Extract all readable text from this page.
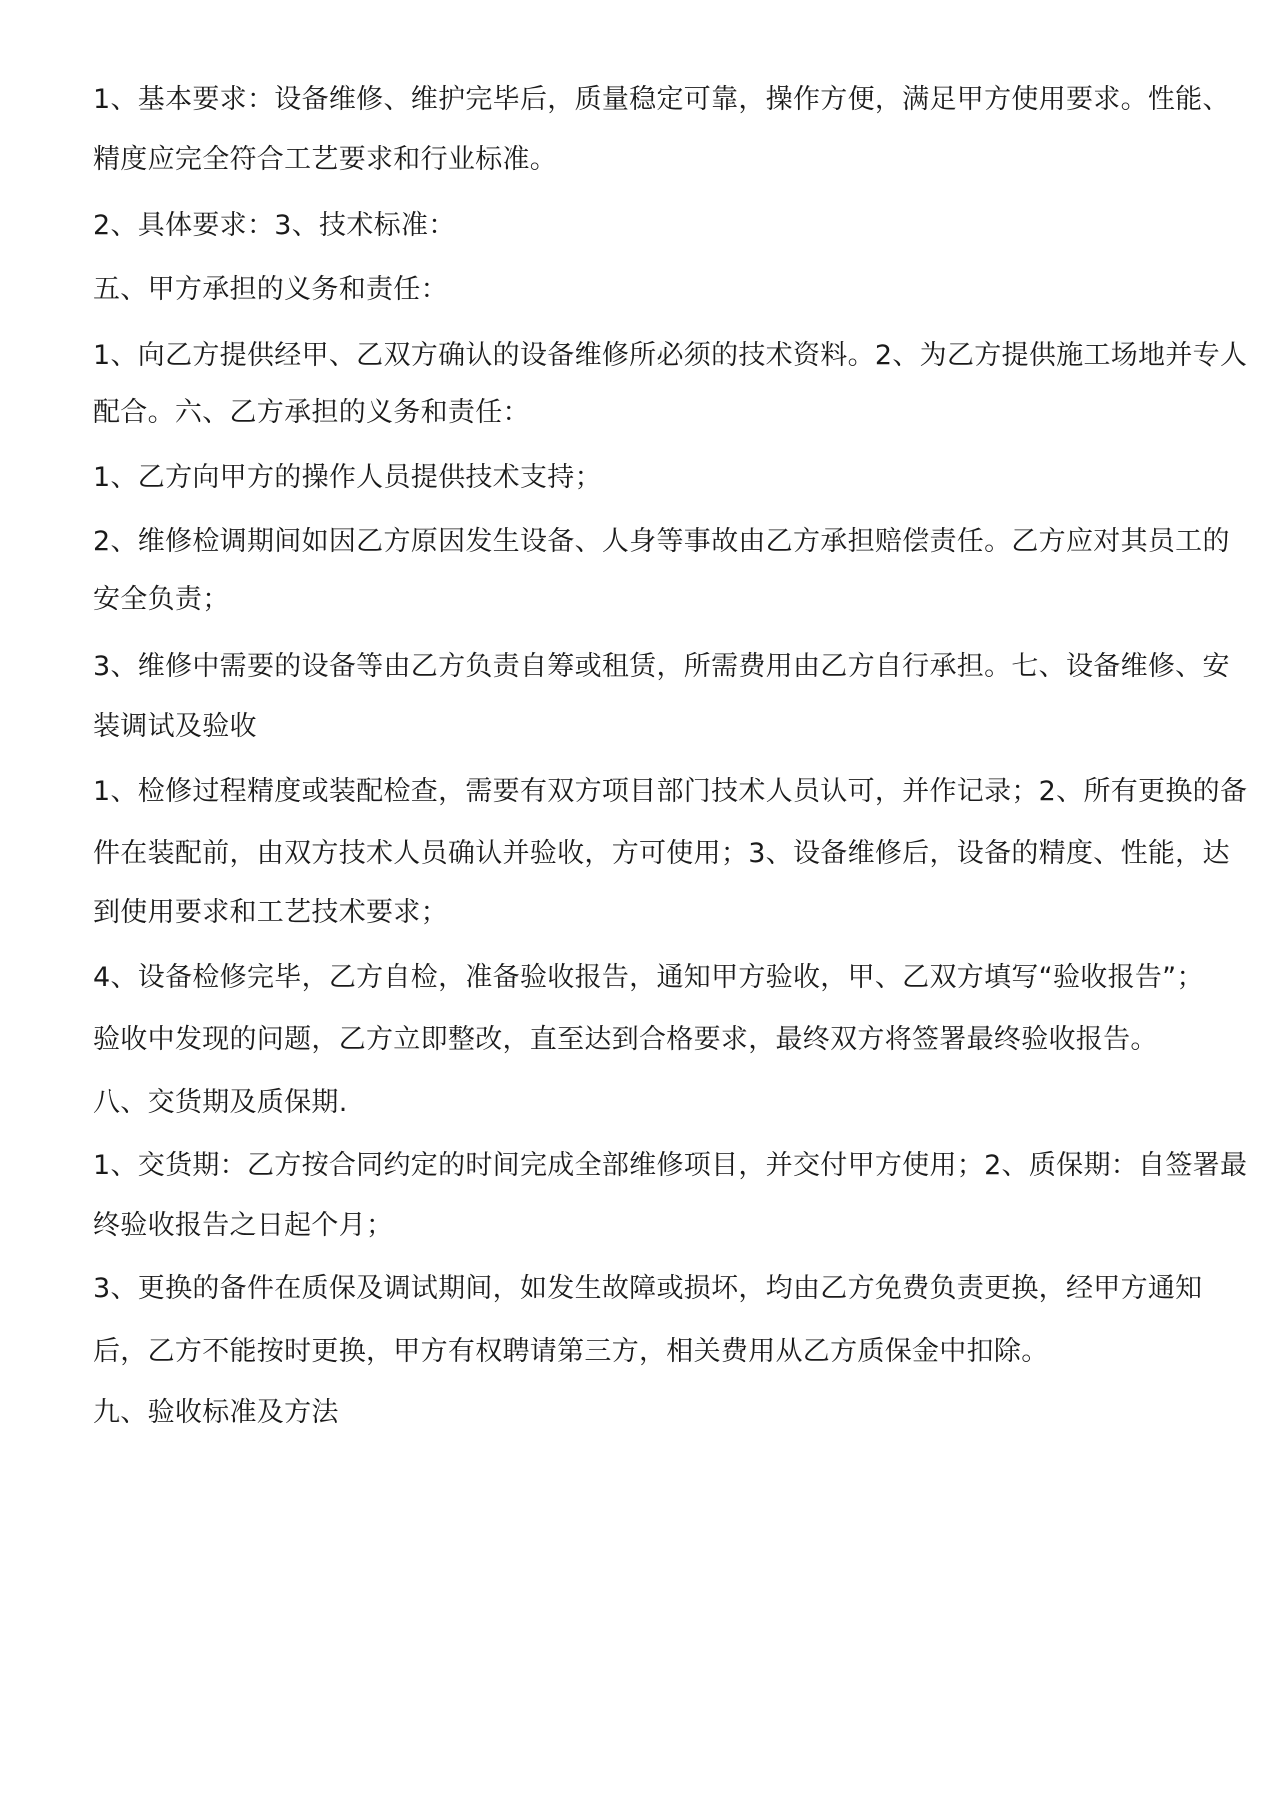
1、基本要求：设备维修、维护完毕后，质量稳定可靠，操作方便，满足甲方使用要求。性能、
精度应完全符合工艺要求和行业标准。
2、具体要求：3、技术标准：
五、甲方承担的义务和责任：
1、向乙方提供经甲、乙双方确认的设备维修所必须的技术资料。2、为乙方提供施工场地并专人
配合。六、乙方承担的义务和责任：
1、乙方向甲方的操作人员提供技术支持；
2、维修检调期间如因乙方原因发生设备、人身等事故由乙方承担赔偿责任。乙方应对其员工的
安全负责；
3、维修中需要的设备等由乙方负责自筹或租赁，所需费用由乙方自行承担。七、设备维修、安
装调试及验收
1、检修过程精度或装配检查，需要有双方项目部门技术人员认可，并作记录；2、所有更换的备
件在装配前，由双方技术人员确认并验收，方可使用；3、设备维修后，设备的精度、性能，达
到使用要求和工艺技术要求；
4、设备检修完毕，乙方自检，准备验收报告，通知甲方验收，甲、乙双方填写“验收报告”；
验收中发现的问题，乙方立即整改，直至达到合格要求，最终双方将签署最终验收报告。
八、交货期及质保期.
1、交货期：乙方按合同约定的时间完成全部维修项目，并交付甲方使用；2、质保期：自签署最
终验收报告之日起个月；
3、更换的备件在质保及调试期间，如发生故障或损坏，均由乙方免费负责更换，经甲方通知
后，乙方不能按时更换，甲方有权聘请第三方，相关费用从乙方质保金中扣除。
九、验收标准及方法
